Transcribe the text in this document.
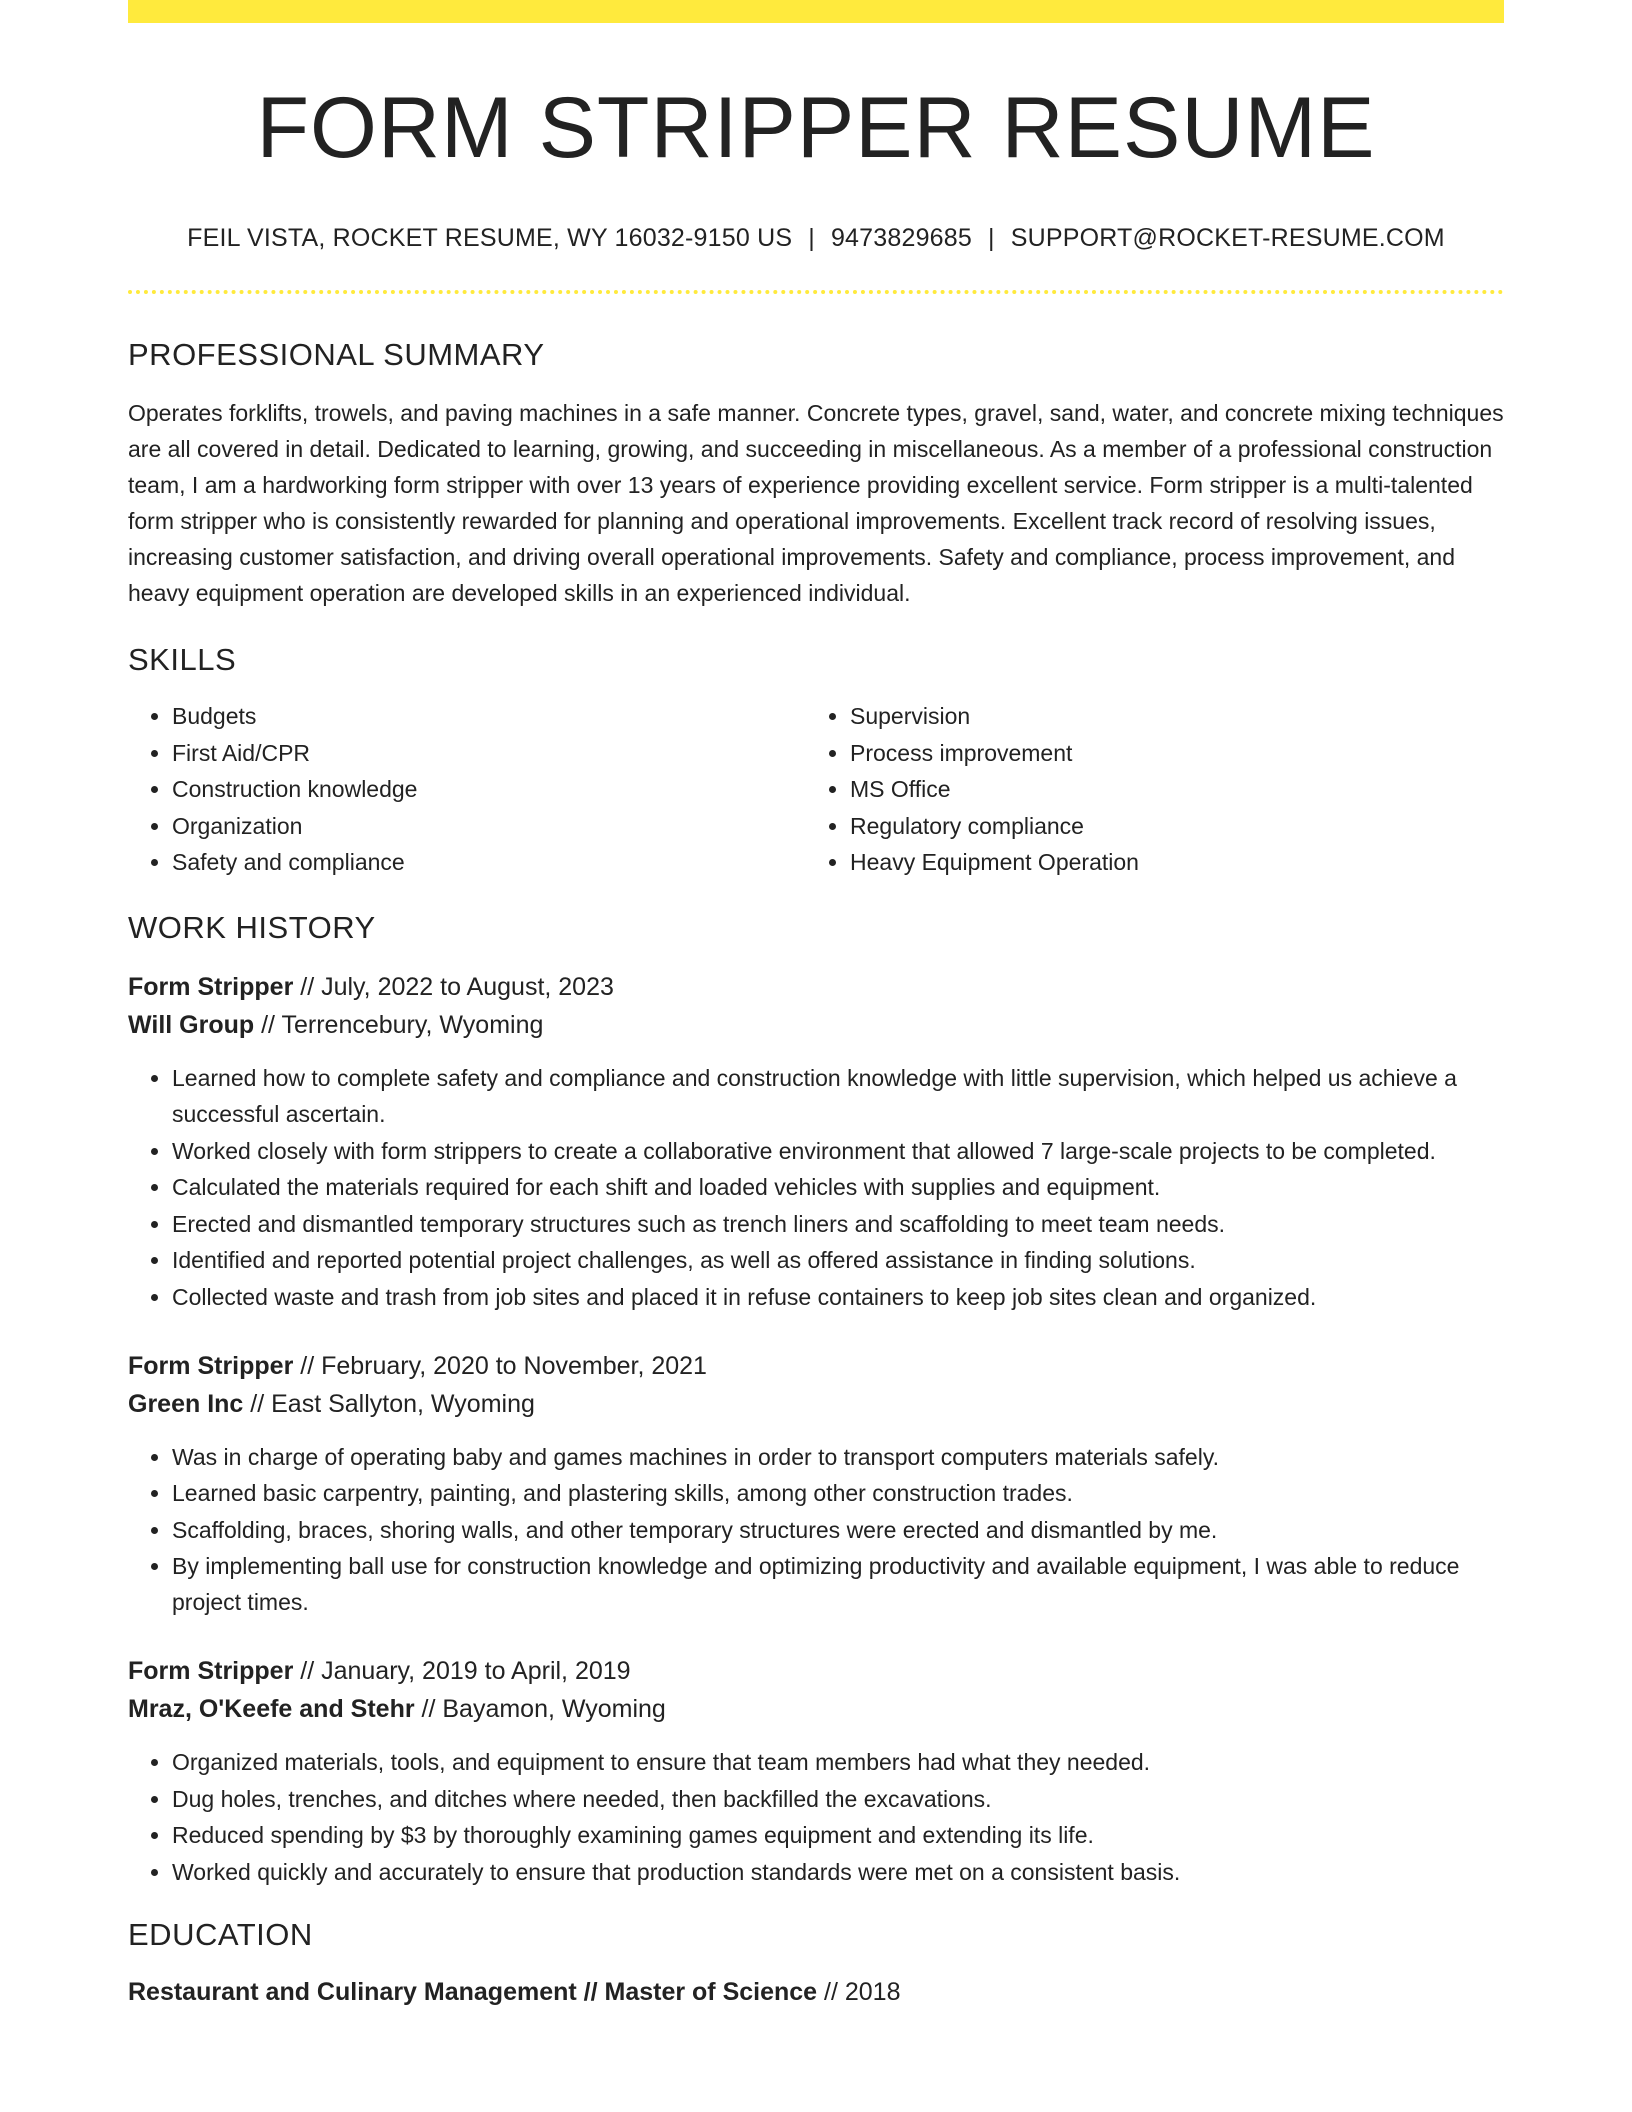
FORM STRIPPER RESUME
FEIL VISTA, ROCKET RESUME, WY 16032-9150 US | 9473829685 | SUPPORT@ROCKET-RESUME.COM
PROFESSIONAL SUMMARY

Operates forklifts, trowels, and paving machines in a safe manner. Concrete types, gravel, sand, water, and concrete mixing techniques are all covered in detail. Dedicated to learning, growing, and succeeding in miscellaneous. As a member of a professional construction team, I am a hardworking form stripper with over 13 years of experience providing excellent service. Form stripper is a multi-talented form stripper who is consistently rewarded for planning and operational improvements. Excellent track record of resolving issues, increasing customer satisfaction, and driving overall operational improvements. Safety and compliance, process improvement, and heavy equipment operation are developed skills in an experienced individual.

SKILLS
• Budgets
• First Aid/CPR
• Construction knowledge
• Organization
• Safety and compliance
• Supervision
• Process improvement
• MS Office
• Regulatory compliance
• Heavy Equipment Operation
WORK HISTORY
Form Stripper // July, 2022 to August, 2023
Will Group // Terrencebury, Wyoming
• Learned how to complete safety and compliance and construction knowledge with little supervision, which helped us achieve a successful ascertain.
• Worked closely with form strippers to create a collaborative environment that allowed 7 large-scale projects to be completed.
• Calculated the materials required for each shift and loaded vehicles with supplies and equipment.
• Erected and dismantled temporary structures such as trench liners and scaffolding to meet team needs.
• Identified and reported potential project challenges, as well as offered assistance in finding solutions.
• Collected waste and trash from job sites and placed it in refuse containers to keep job sites clean and organized.
Form Stripper // February, 2020 to November, 2021
Green Inc // East Sallyton, Wyoming
• Was in charge of operating baby and games machines in order to transport computers materials safely.
• Learned basic carpentry, painting, and plastering skills, among other construction trades.
• Scaffolding, braces, shoring walls, and other temporary structures were erected and dismantled by me.
• By implementing ball use for construction knowledge and optimizing productivity and available equipment, I was able to reduce project times.
Form Stripper // January, 2019 to April, 2019
Mraz, O'Keefe and Stehr // Bayamon, Wyoming
• Organized materials, tools, and equipment to ensure that team members had what they needed.
• Dug holes, trenches, and ditches where needed, then backfilled the excavations.
• Reduced spending by $3 by thoroughly examining games equipment and extending its life.
• Worked quickly and accurately to ensure that production standards were met on a consistent basis.
EDUCATION
Restaurant and Culinary Management // Master of Science // 2018
